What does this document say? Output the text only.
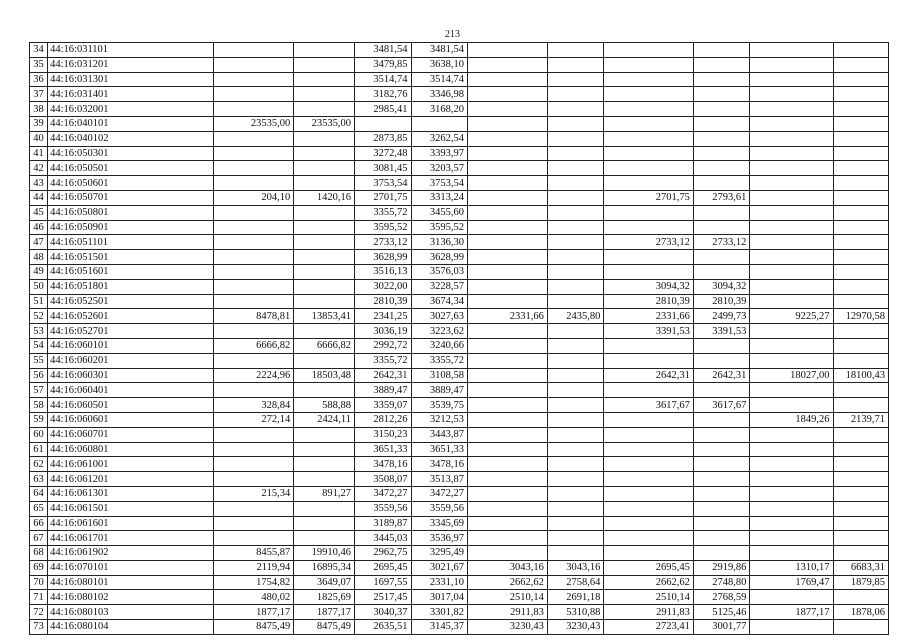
213
34	44:16:031101			3481,54	3481,54						
35	44:16:031201			3479,85	3638,10						
36	44:16:031301			3514,74	3514,74						
37	44:16:031401			3182,76	3346,98						
38	44:16:032001			2985,41	3168,20						
39	44:16:040101	23535,00	23535,00								
40	44:16:040102			2873,85	3262,54						
41	44:16:050301			3272,48	3393,97						
42	44:16:050501			3081,45	3203,57						
43	44:16:050601			3753,54	3753,54						
44	44:16:050701	204,10	1420,16	2701,75	3313,24			2701,75	2793,61		
45	44:16:050801			3355,72	3455,60						
46	44:16:050901			3595,52	3595,52						
47	44:16:051101			2733,12	3136,30			2733,12	2733,12		
48	44:16:051501			3628,99	3628,99						
49	44:16:051601			3516,13	3576,03						
50	44:16:051801			3022,00	3228,57			3094,32	3094,32		
51	44:16:052501			2810,39	3674,34			2810,39	2810,39		
52	44:16:052601	8478,81	13853,41	2341,25	3027,63	2331,66	2435,80	2331,66	2499,73	9225,27	12970,58
53	44:16:052701			3036,19	3223,62			3391,53	3391,53		
54	44:16:060101	6666,82	6666,82	2992,72	3240,66						
55	44:16:060201			3355,72	3355,72						
56	44:16:060301	2224,96	18503,48	2642,31	3108,58			2642,31	2642,31	18027,00	18100,43
57	44:16:060401			3889,47	3889,47						
58	44:16:060501	328,84	588,88	3359,07	3539,75			3617,67	3617,67		
59	44:16:060601	272,14	2424,11	2812,26	3212,53					1849,26	2139,71
60	44:16:060701			3150,23	3443,87						
61	44:16:060801			3651,33	3651,33						
62	44:16:061001			3478,16	3478,16						
63	44:16:061201			3508,07	3513,87						
64	44:16:061301	215,34	891,27	3472,27	3472,27						
65	44:16:061501			3559,56	3559,56						
66	44:16:061601			3189,87	3345,69						
67	44:16:061701			3445,03	3536,97						
68	44:16:061902	8455,87	19910,46	2962,75	3295,49						
69	44:16:070101	2119,94	16895,34	2695,45	3021,67	3043,16	3043,16	2695,45	2919,86	1310,17	6683,31
70	44:16:080101	1754,82	3649,07	1697,55	2331,10	2662,62	2758,64	2662,62	2748,80	1769,47	1879,85
71	44:16:080102	480,02	1825,69	2517,45	3017,04	2510,14	2691,18	2510,14	2768,59		
72	44:16:080103	1877,17	1877,17	3040,37	3301,82	2911,83	5310,88	2911,83	5125,46	1877,17	1878,06
73	44:16:080104	8475,49	8475,49	2635,51	3145,37	3230,43	3230,43	2723,41	3001,77		
